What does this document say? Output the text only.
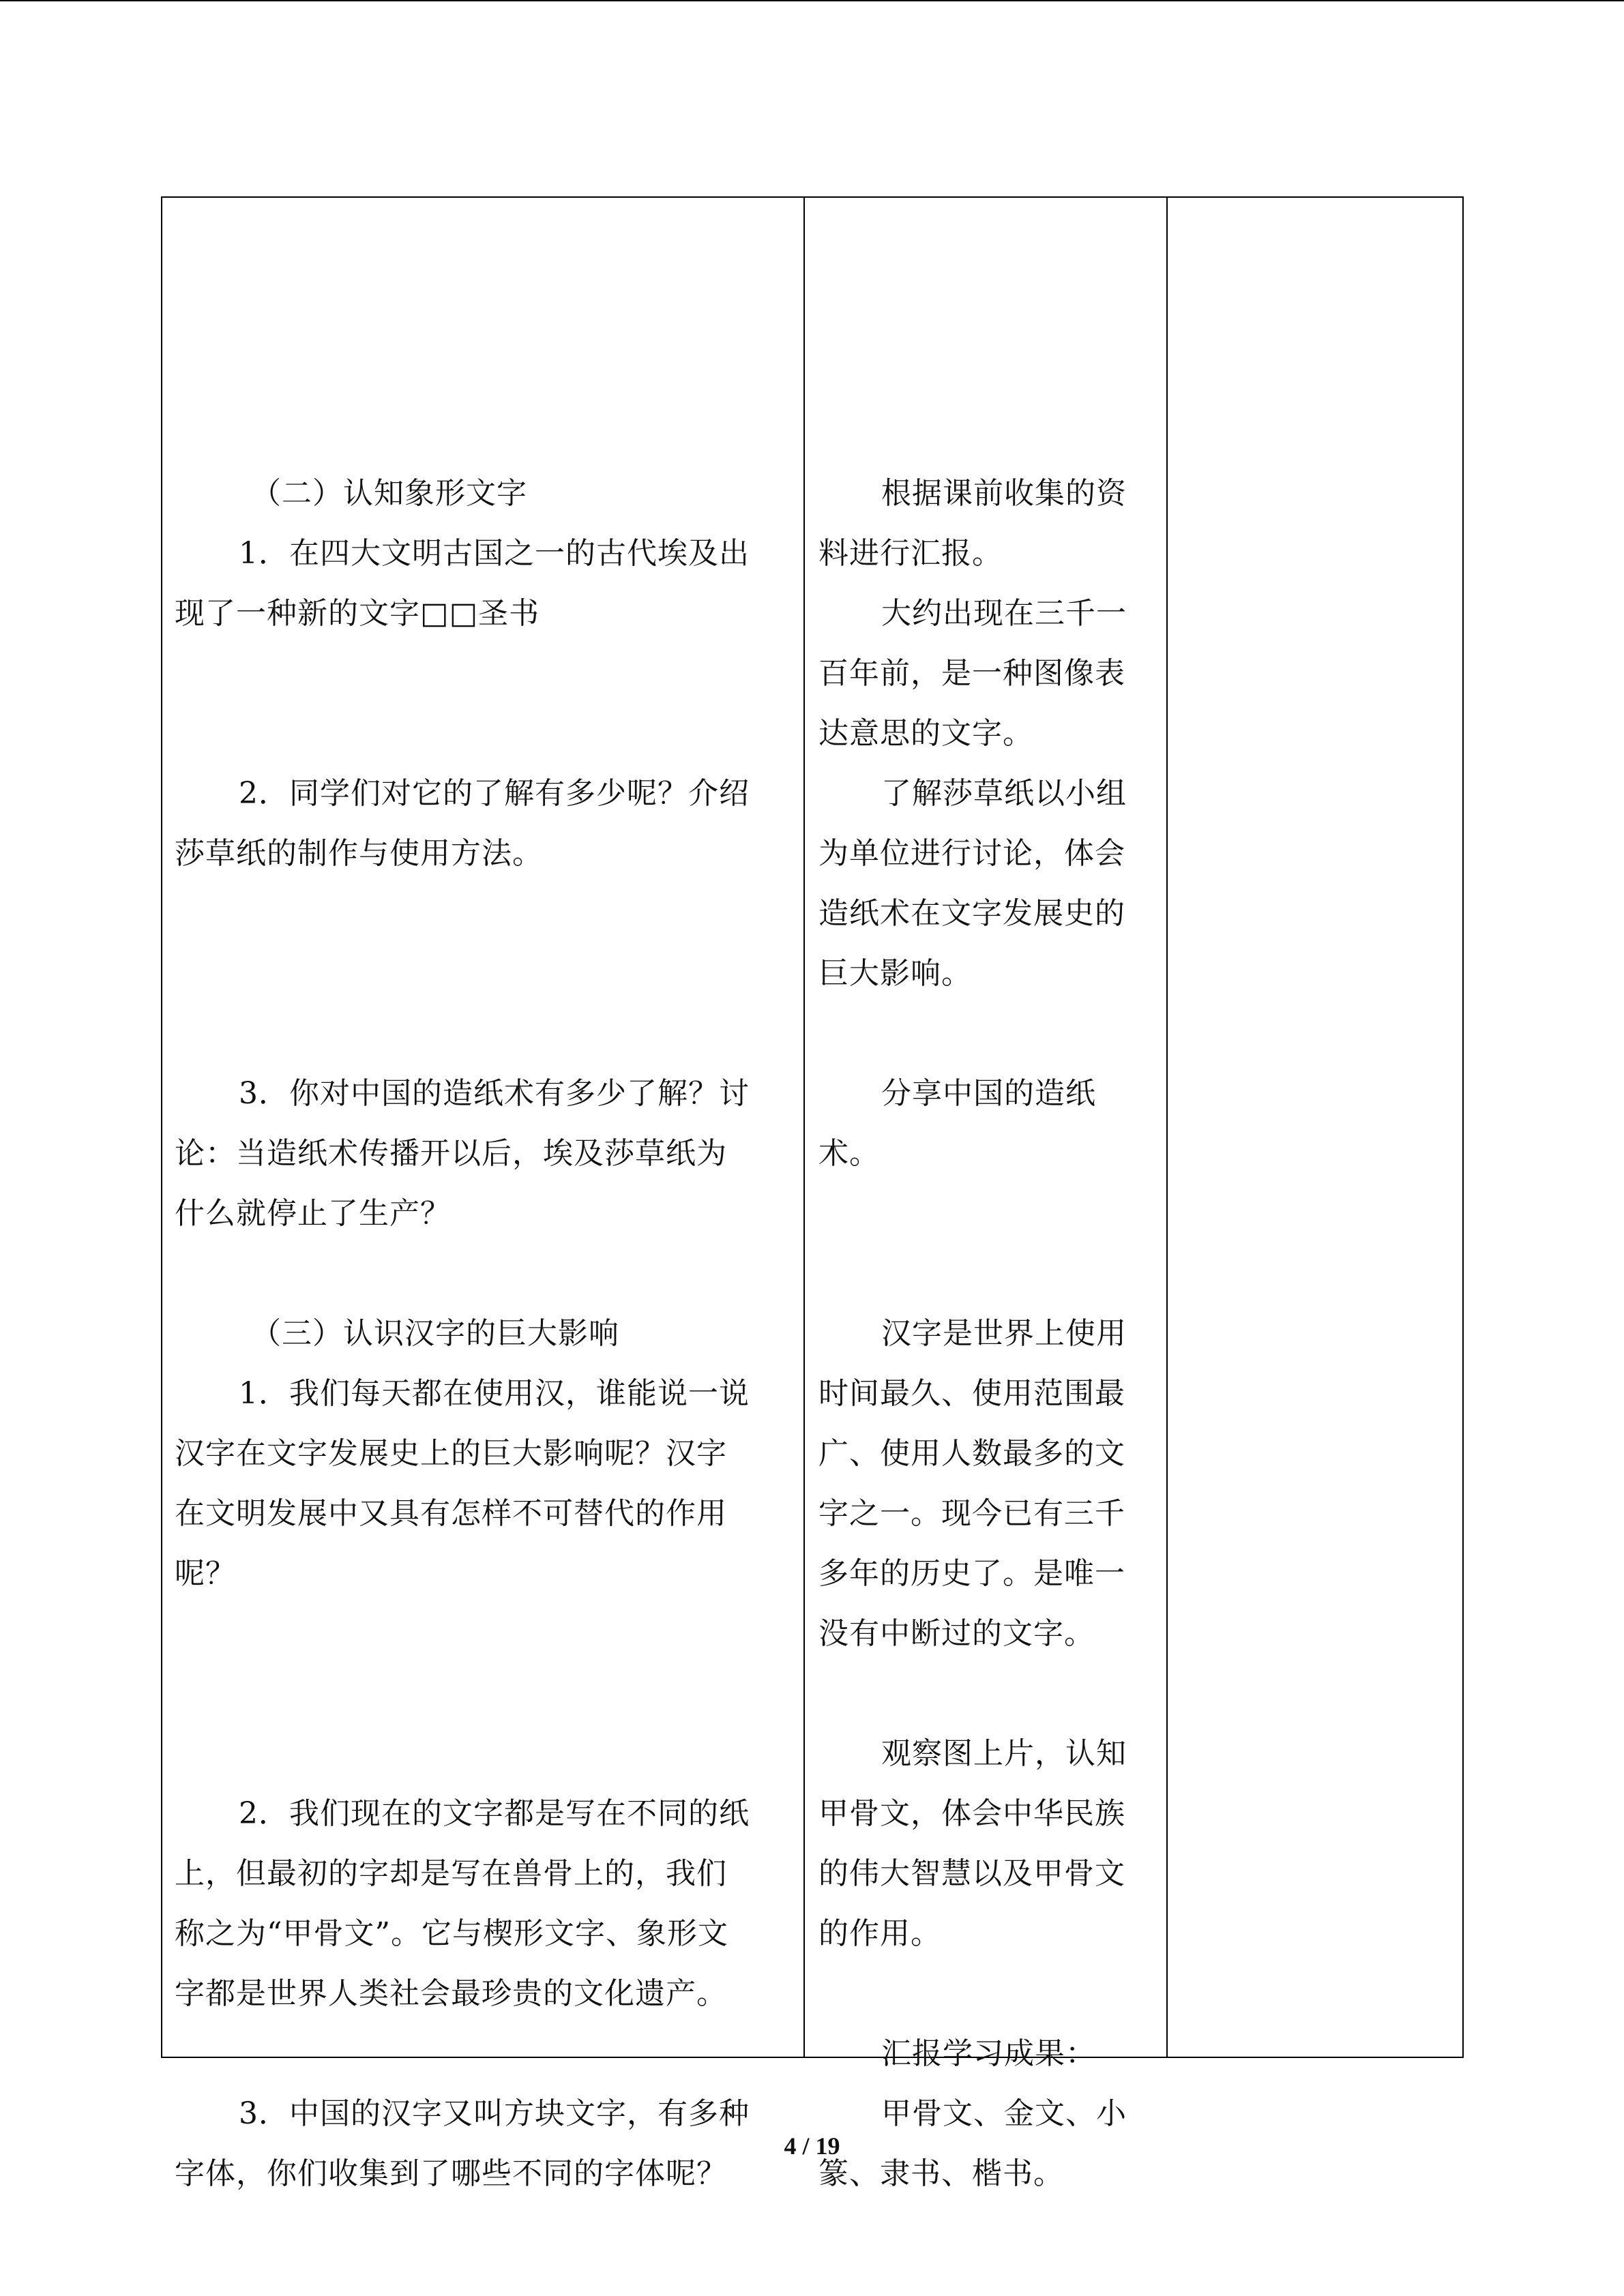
（二）认知象形文字

1．在四大文明古国之一的古代埃及出

现了一种新的文字□□圣书

2．同学们对它的了解有多少呢？介绍

莎草纸的制作与使用方法。

3．你对中国的造纸术有多少了解？讨

论：当造纸术传播开以后，埃及莎草纸为

什么就停止了生产？

（三）认识汉字的巨大影响

1．我们每天都在使用汉，谁能说一说

汉字在文字发展史上的巨大影响呢？汉字

在文明发展中又具有怎样不可替代的作用

呢？

2．我们现在的文字都是写在不同的纸

上，但最初的字却是写在兽骨上的，我们

称之为“甲骨文”。它与楔形文字、象形文

字都是世界人类社会最珍贵的文化遗产。

3．中国的汉字又叫方块文字，有多种

字体，你们收集到了哪些不同的字体呢？

根据课前收集的资

料进行汇报。

大约出现在三千一

百年前，是一种图像表

达意思的文字。

了解莎草纸以小组

为单位进行讨论，体会

造纸术在文字发展史的

巨大影响。

分享中国的造纸

术。

汉字是世界上使用

时间最久、使用范围最

广、使用人数最多的文

字之一。现今已有三千

多年的历史了。是唯一

没有中断过的文字。

观察图上片，认知

甲骨文，体会中华民族

的伟大智慧以及甲骨文

的作用。

汇报学习成果：

甲骨文、金文、小

篆、隶书、楷书。

4 / 19
